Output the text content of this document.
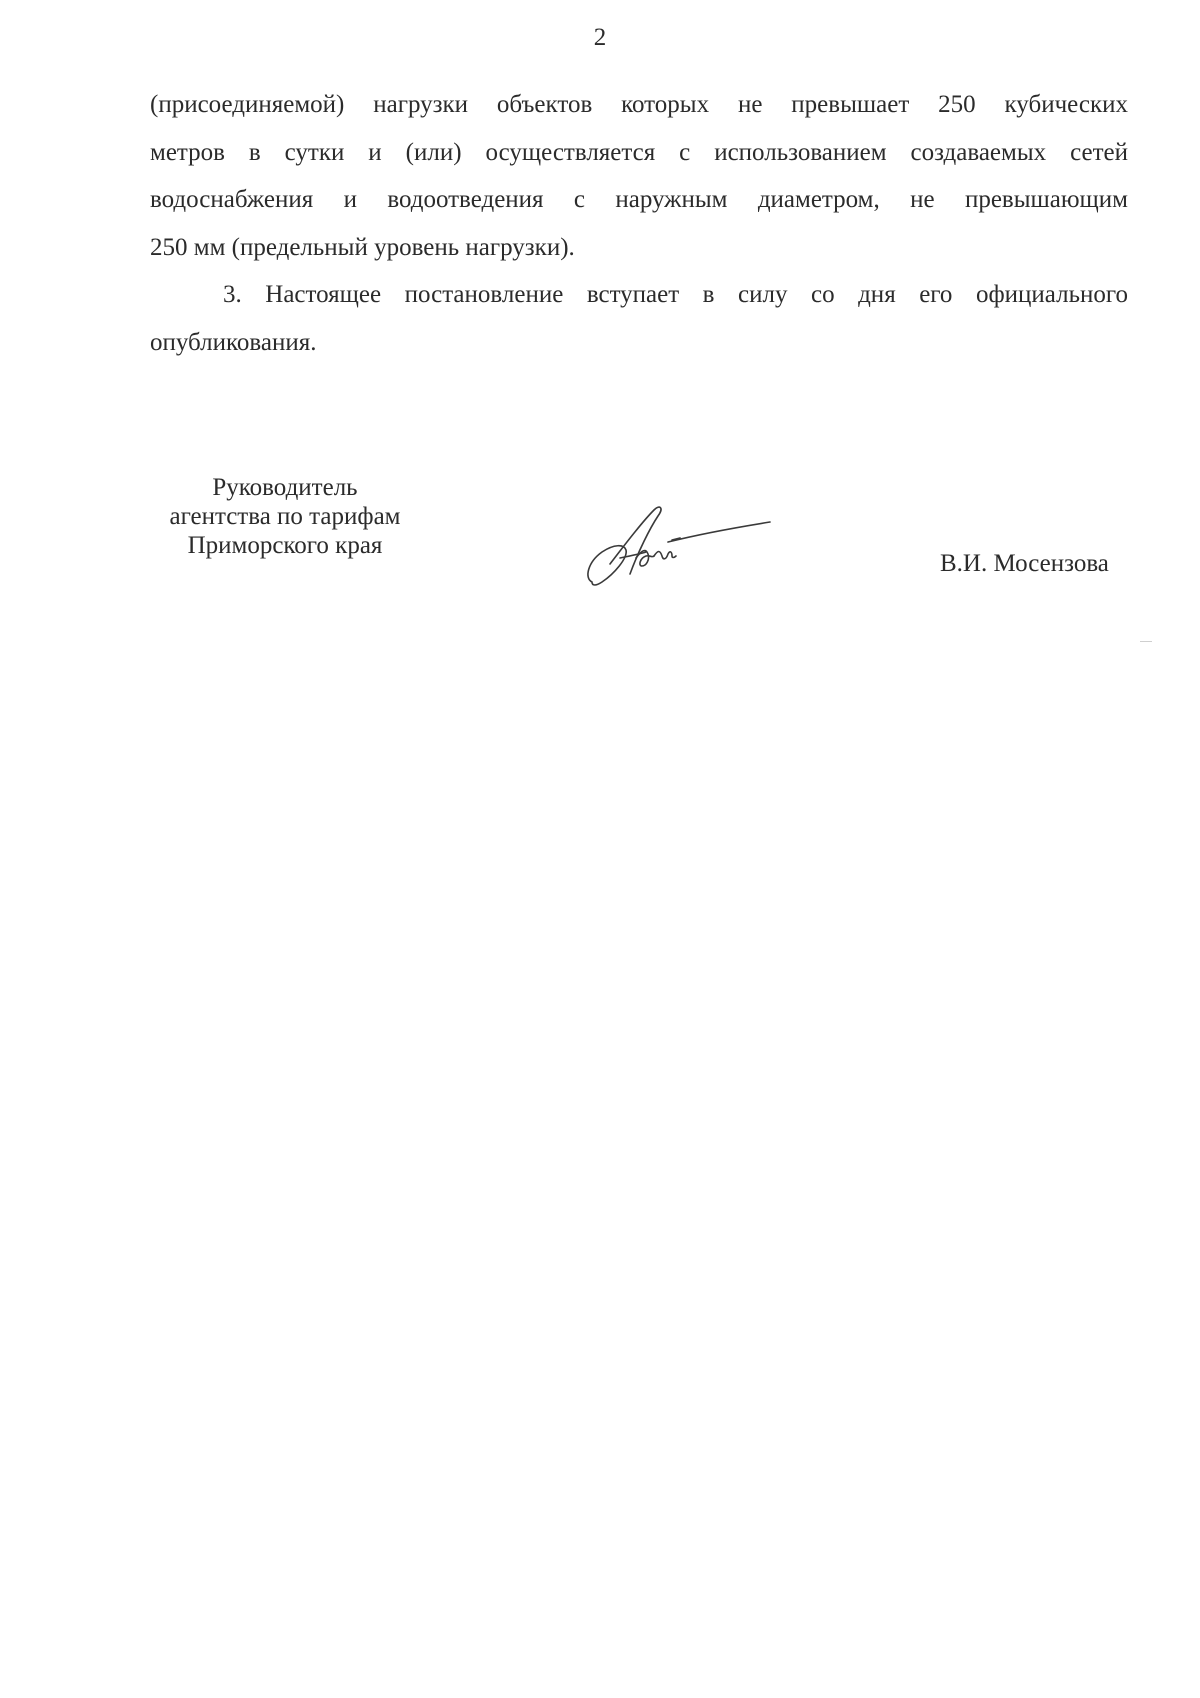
2

(присоединяемой) нагрузки объектов которых не превышает 250 кубических
метров в сутки и (или) осуществляется с использованием создаваемых сетей
водоснабжения и водоотведения с наружным диаметром, не превышающим
250 мм (предельный уровень нагрузки).

3. Настоящее постановление вступает в силу со дня его официального
опубликования.

Руководитель
агентства по тарифам
Приморского края
В.И. Мосензова
